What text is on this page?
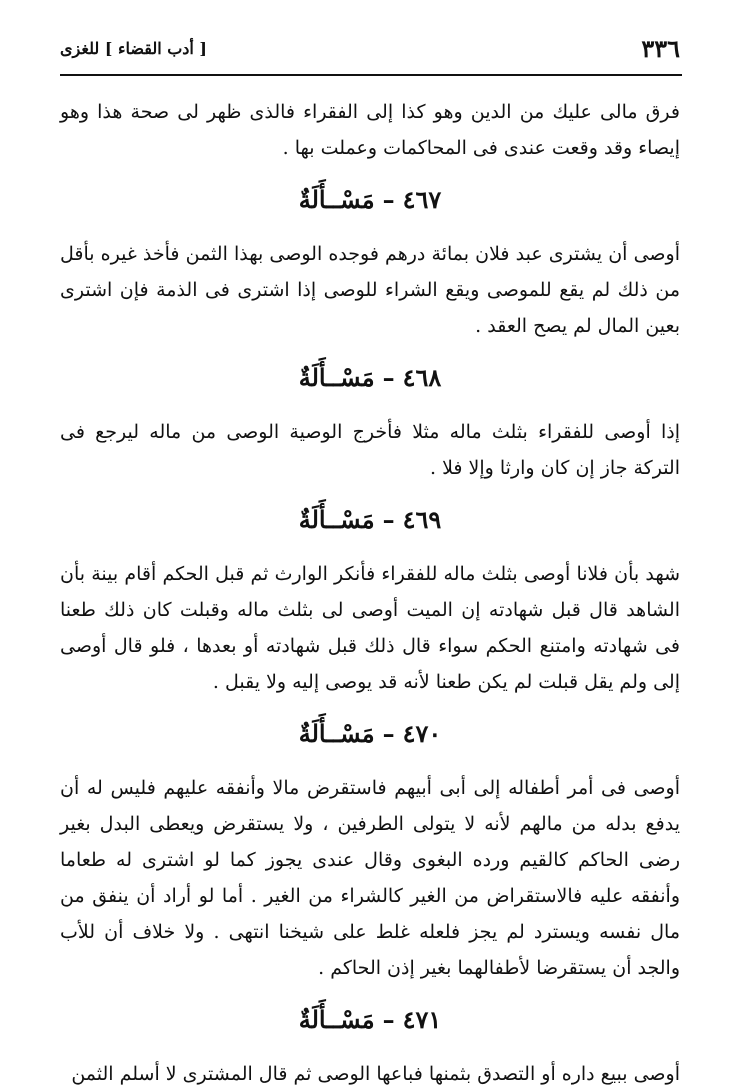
٣٣٦
[ أدب القضاء ] للغزى

فرق مالى عليك من الدين وهو كذا إلى الفقراء فالذى ظهر لى صحة هذا وهو إيصاء وقد وقعت عندى فى المحاكمات وعملت بها .

٤٦٧–مَسْــأَلَةٌ

أوصى أن يشترى عبد فلان بمائة درهم فوجده الوصى بهذا الثمن فأخذ غيره بأقل من ذلك لم يقع للموصى ويقع الشراء للوصى إذا اشترى فى الذمة فإن اشترى بعين المال لم يصح العقد .

٤٦٨–مَسْــأَلَةٌ

إذا أوصى للفقراء بثلث ماله مثلا فأخرج الوصية الوصى من ماله ليرجع فى التركة جاز إن كان وارثا وإلا فلا .

٤٦٩–مَسْــأَلَةٌ

شهد بأن فلانا أوصى بثلث ماله للفقراء فأنكر الوارث ثم قبل الحكم أقام بينة بأن الشاهد قال قبل شهادته إن الميت أوصى لى بثلث ماله وقبلت كان ذلك طعنا فى شهادته وامتنع الحكم سواء قال ذلك قبل شهادته أو بعدها ، فلو قال أوصى إلى ولم يقل قبلت لم يكن طعنا لأنه قد يوصى إليه ولا يقبل .

٤٧٠–مَسْــأَلَةٌ

أوصى فى أمر أطفاله إلى أبى أبيهم فاستقرض مالا وأنفقه عليهم فليس له أن يدفع بدله من مالهم لأنه لا يتولى الطرفين ، ولا يستقرض ويعطى البدل بغير رضى الحاكم كالقيم ورده البغوى وقال عندى يجوز كما لو اشترى له طعاما وأنفقه عليه فالاستقراض من الغير كالشراء من الغير . أما لو أراد أن ينفق من مال نفسه ويسترد لم يجز فلعله غلط على شيخنا انتهى . ولا خلاف أن للأب والجد أن يستقرضا لأطفالهما بغير إذن الحاكم .

٤٧١–مَسْــأَلَةٌ

أوصى ببيع داره أو التصدق بثمنها فباعها الوصى ثم قال المشترى لا أسلم الثمن
